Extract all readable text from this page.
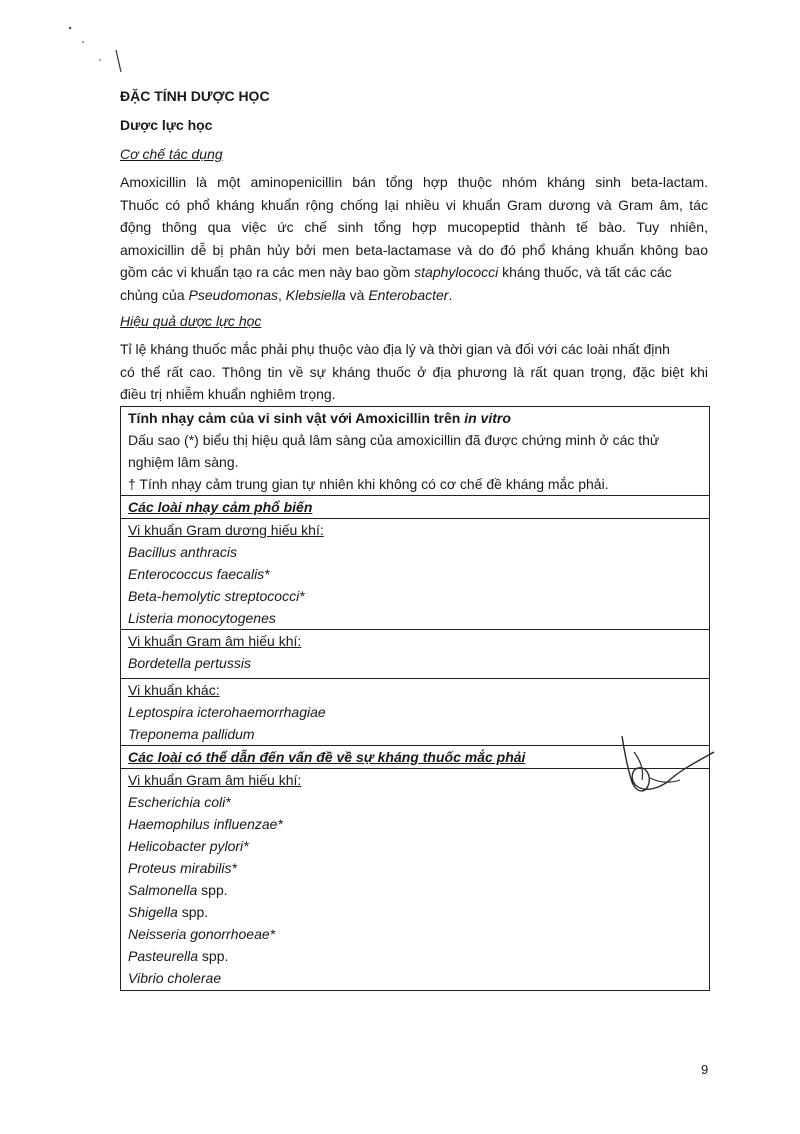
ĐẶC TÍNH DƯỢC HỌC
Dược lực học
Cơ chế tác dụng
Amoxicillin là một aminopenicillin bán tổng hợp thuộc nhóm kháng sinh beta-lactam.
Thuốc có phổ kháng khuẩn rộng chống lại nhiều vi khuẩn Gram dương và Gram âm, tác
động thông qua việc ức chế sinh tổng hợp mucopeptid thành tế bào. Tuy nhiên,
amoxicillin dễ bị phân hủy bởi men beta-lactamase và do đó phổ kháng khuẩn không bao
gồm các vi khuẩn tạo ra các men này bao gồm staphylococci kháng thuốc, và tất các các
chủng của Pseudomonas, Klebsiella và Enterobacter.
Hiệu quả dược lực học
Tỉ lệ kháng thuốc mắc phải phụ thuộc vào địa lý và thời gian và đối với các loài nhất định
có thể rất cao. Thông tin về sự kháng thuốc ở địa phương là rất quan trọng, đặc biệt khi
điều trị nhiễm khuẩn nghiêm trọng.
Tính nhạy cảm của vi sinh vật với Amoxicillin trên in vitro
Dấu sao (*) biểu thị hiệu quả lâm sàng của amoxicillin đã được chứng minh ở các thử
nghiệm lâm sàng.
† Tính nhạy cảm trung gian tự nhiên khi không có cơ chế đề kháng mắc phải.

Các loài nhạy cảm phổ biến

Vi khuẩn Gram dương hiếu khí:
Bacillus anthracis
Enterococcus faecalis*
Beta-hemolytic streptococci*
Listeria monocytogenes

Vi khuẩn Gram âm hiếu khí:
Bordetella pertussis

Vi khuẩn khác:
Leptospira icterohaemorrhagiae
Treponema pallidum

Các loài có thể dẫn đến vấn đề về sự kháng thuốc mắc phải

Vi khuẩn Gram âm hiếu khí:
Escherichia coli*
Haemophilus influenzae*
Helicobacter pylori*
Proteus mirabilis*
Salmonella spp.
Shigella spp.
Neisseria gonorrhoeae*
Pasteurella spp.
Vibrio cholerae
9
